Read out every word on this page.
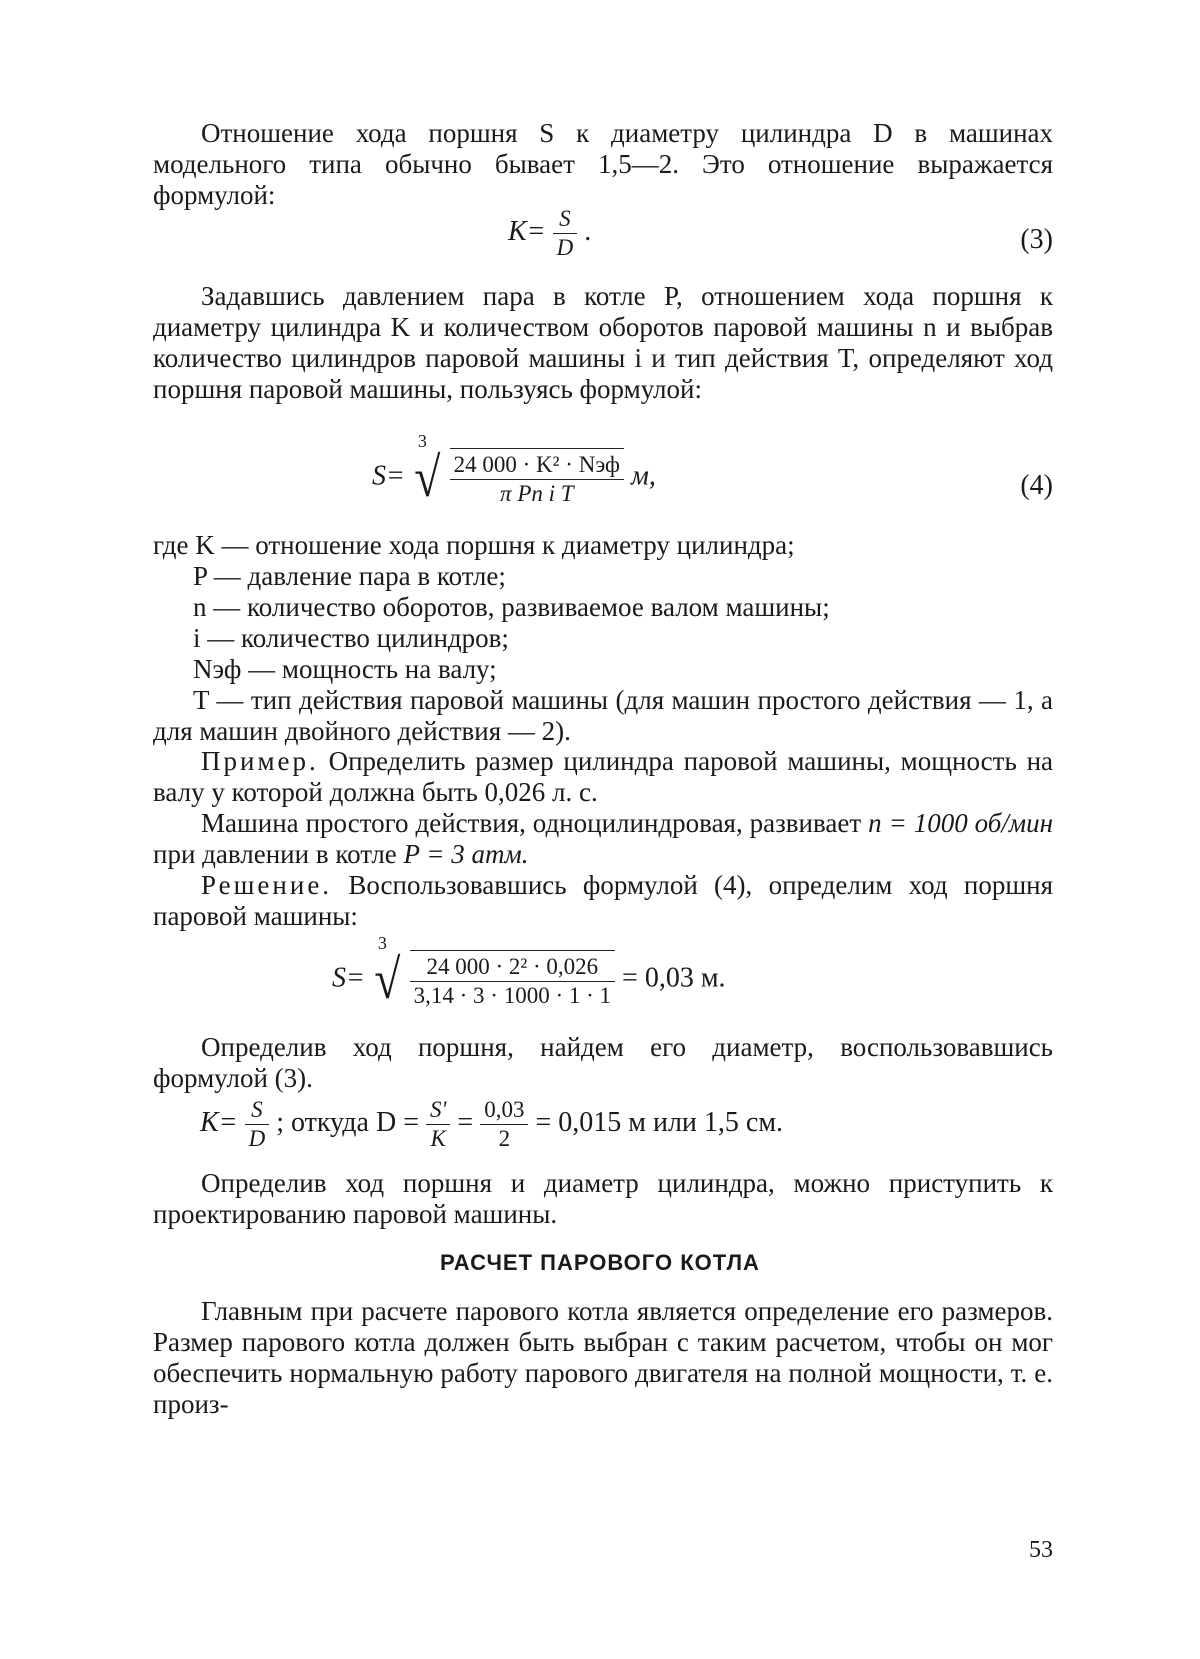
Отношение хода поршня S к диаметру цилиндра D в машинах модельного типа обычно бывает 1,5—2. Это отношение выражается формулой:

$K= \frac{S}{D}$ .	(3)

Задавшись давлением пара в котле P, отношением хода поршня к диаметру цилиндра K и количеством оборотов паровой машины n и выбрав количество цилиндров паровой машины i и тип действия T, определяют ход поршня паровой машины, пользуясь формулой:

S=
3
√ $\frac{\text{24 000 · K² · Nэф}}{\text{π Pn i T}} м$,	(4)

где K — отношение хода поршня к диаметру цилиндра;

P — давление пара в котле;

n — количество оборотов, развиваемое валом машины;

i — количество цилиндров;

Nэф — мощность на валу;

T — тип действия паровой машины (для машин простого действия — 1, а для машин двойного действия — 2).

Пример. Определить размер цилиндра паровой машины, мощность на валу у которой должна быть 0,026 л. с.

Машина простого действия, одноцилиндровая, развивает n = 1000 об/мин при давлении в котле P = 3 атм.

Решение. Воспользовавшись формулой (4), определим ход поршня паровой машины:

S=
3
√ $\frac{\text{24 000 · 2² · 0,026}}{3,14 \cdot 3 \cdot 1000 \cdot 1 \cdot 1} = 0,03$ м.

Определив ход поршня, найдем его диаметр, воспользовавшись формулой (3).

$K= \frac{S}{D}$ ; откуда $D = \frac{S'}{K} = \frac{0,03}{2} = 0,015$ м или 1,5 см.

Определив ход поршня и диаметр цилиндра, можно приступить к проектированию паровой машины.

РАСЧЕТ ПАРОВОГО КОТЛА

Главным при расчете парового котла является определение его размеров. Размер парового котла должен быть выбран с таким расчетом, чтобы он мог обеспечить нормальную работу парового двигателя на полной мощности, т. е. произ-

53
